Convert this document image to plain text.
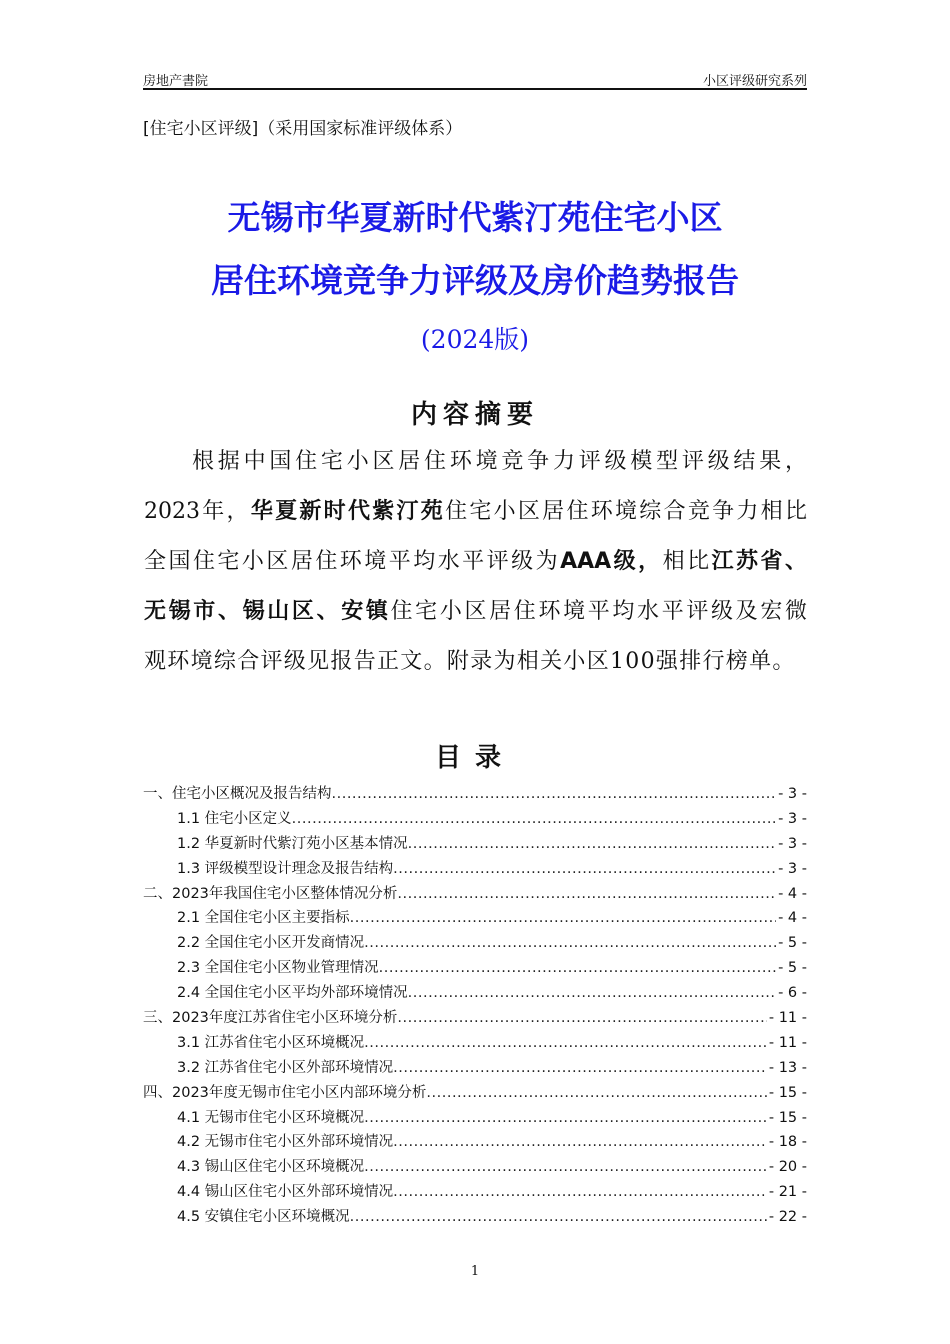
房地产書院	小区评级研究系列
[住宅小区评级]（采用国家标准评级体系）
无锡市华夏新时代紫汀苑住宅小区
居住环境竞争力评级及房价趋势报告
(2024版)
内容摘要
根据中国住宅小区居住环境竞争力评级模型评级结果，
2023年，华夏新时代紫汀苑住宅小区居住环境综合竞争力相比
全国住宅小区居住环境平均水平评级为AAA级，相比江苏省、
无锡市、锡山区、安镇住宅小区居住环境平均水平评级及宏微
观环境综合评级见报告正文。附录为相关小区100强排行榜单。
目录
一、住宅小区概况及报告结构 .....	- 3 -
1.1 住宅小区定义 .....	- 3 -
1.2 华夏新时代紫汀苑小区基本情况 .....	- 3 -
1.3 评级模型设计理念及报告结构 .....	- 3 -
二、2023年我国住宅小区整体情况分析 .....	- 4 -
2.1 全国住宅小区主要指标 .....	- 4 -
2.2 全国住宅小区开发商情况 .....	- 5 -
2.3 全国住宅小区物业管理情况 .....	- 5 -
2.4 全国住宅小区平均外部环境情况 .....	- 6 -
三、2023年度江苏省住宅小区环境分析 .....	- 11 -
3.1 江苏省住宅小区环境概况 .....	- 11 -
3.2 江苏省住宅小区外部环境情况 .....	- 13 -
四、2023年度无锡市住宅小区内部环境分析 .....	- 15 -
4.1 无锡市住宅小区环境概况 .....	- 15 -
4.2 无锡市住宅小区外部环境情况 .....	- 18 -
4.3 锡山区住宅小区环境概况 .....	- 20 -
4.4 锡山区住宅小区外部环境情况 .....	- 21 -
4.5 安镇住宅小区环境概况 .....	- 22 -
1
